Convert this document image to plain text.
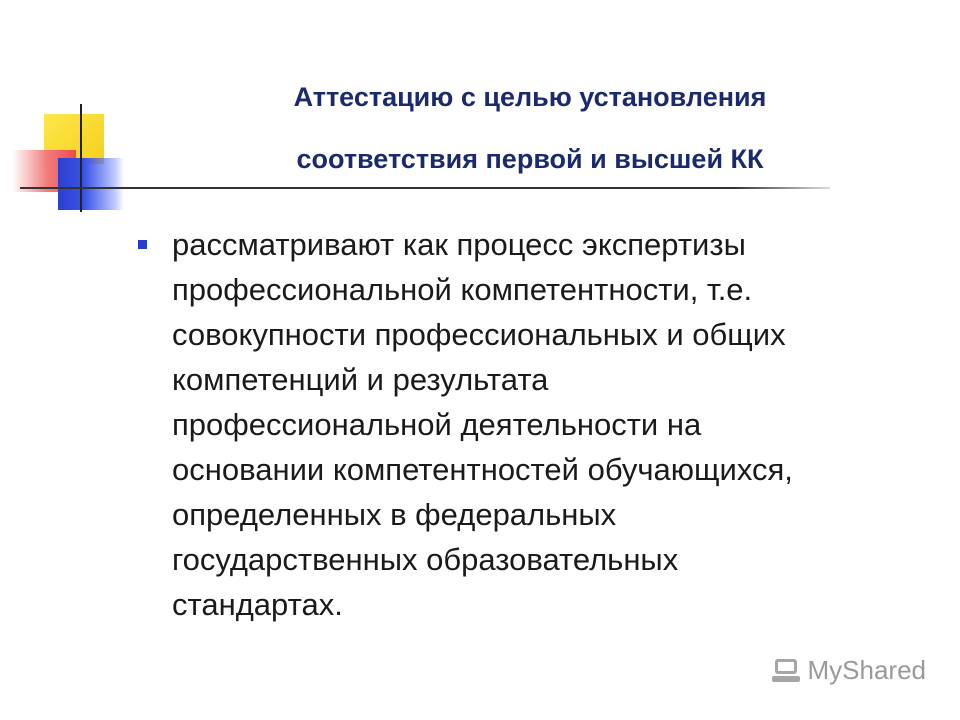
Аттестацию с целью установления
соответствия первой и высшей КК
рассматривают как процесс экспертизы
профессиональной компетентности, т.е.
совокупности профессиональных и общих
компетенций и результата
профессиональной деятельности на
основании компетентностей обучающихся,
определенных в федеральных
государственных образовательных
стандартах.
MyShared
